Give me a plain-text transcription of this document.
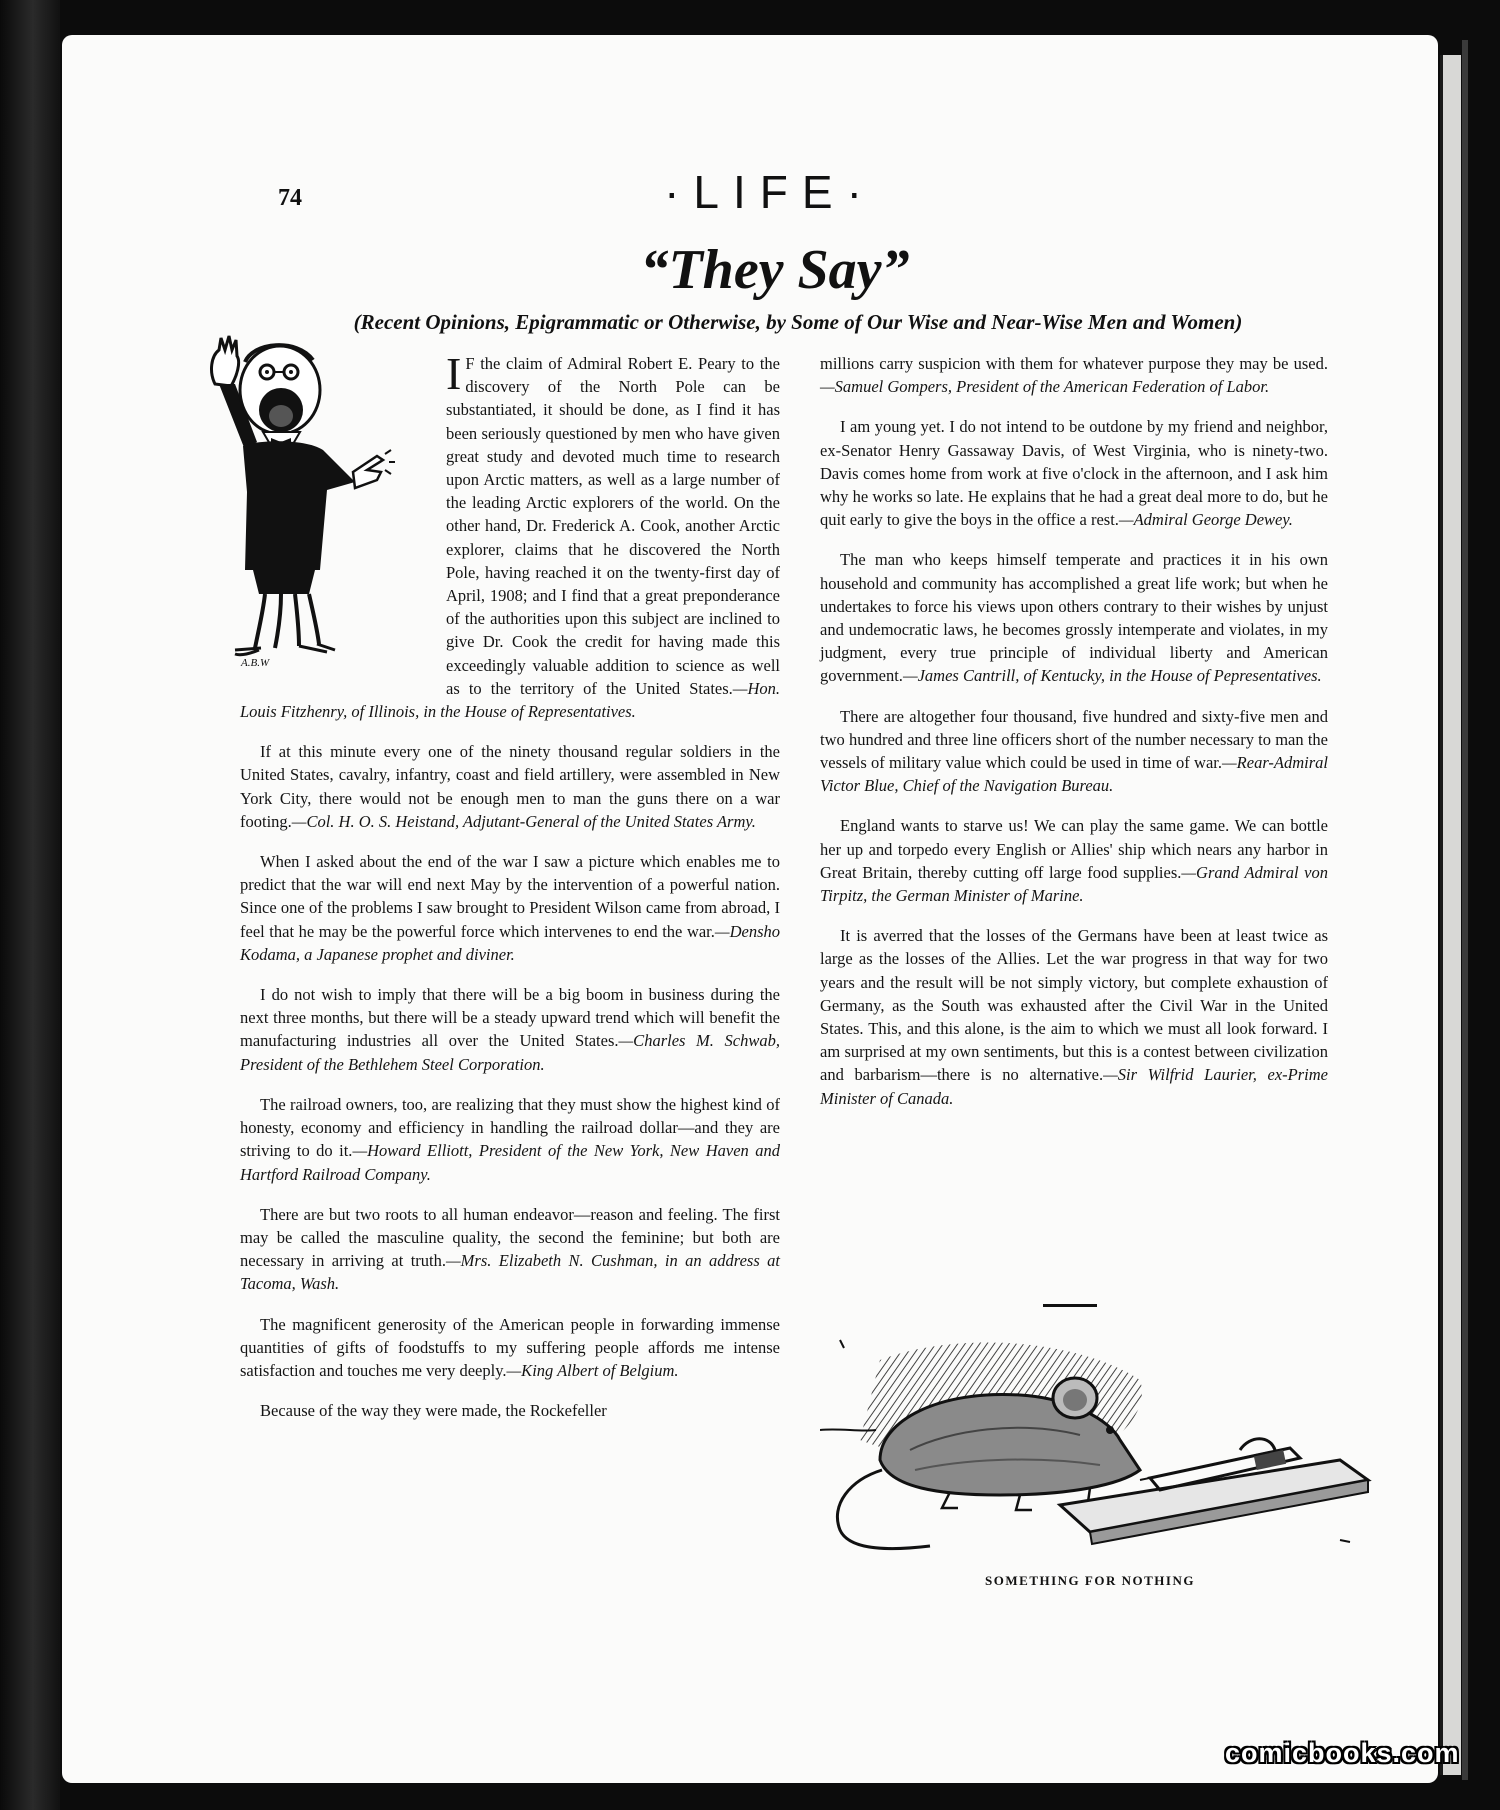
74	·LIFE·
“They Say”
(Recent Opinions, Epigrammatic or Otherwise, by Some of Our Wise and Near-Wise Men and Women)
A.B.W

I F the claim of Admiral Robert E. Peary to the discovery of the North Pole can be substantiated, it should be done, as I find it has been seriously questioned by men who have given great study and devoted much time to research upon Arctic matters, as well as a large number of the leading Arctic explorers of the world. On the other hand, Dr. Frederick A. Cook, another Arctic explorer, claims that he discovered the North Pole, having reached it on the twenty-first day of April, 1908; and I find that a great preponderance of the authorities upon this subject are inclined to give Dr. Cook the credit for having made this exceedingly valuable addition to science as well as to the territory of the United States.—Hon. Louis Fitzhenry, of Illinois, in the House of Representatives.

If at this minute every one of the ninety thousand regular soldiers in the United States, cavalry, infantry, coast and field artillery, were assembled in New York City, there would not be enough men to man the guns there on a war footing.—Col. H. O. S. Heistand, Adjutant-General of the United States Army.

When I asked about the end of the war I saw a picture which enables me to predict that the war will end next May by the intervention of a powerful nation. Since one of the problems I saw brought to President Wilson came from abroad, I feel that he may be the powerful force which intervenes to end the war.—Densho Kodama, a Japanese prophet and diviner.

I do not wish to imply that there will be a big boom in business during the next three months, but there will be a steady upward trend which will benefit the manufacturing industries all over the United States.—Charles M. Schwab, President of the Bethlehem Steel Corporation.

The railroad owners, too, are realizing that they must show the highest kind of honesty, economy and efficiency in handling the railroad dollar—and they are striving to do it.—Howard Elliott, President of the New York, New Haven and Hartford Railroad Company.

There are but two roots to all human endeavor—reason and feeling. The first may be called the masculine quality, the second the feminine; but both are necessary in arriving at truth.—Mrs. Elizabeth N. Cushman, in an address at Tacoma, Wash.

The magnificent generosity of the American people in forwarding immense quantities of gifts of foodstuffs to my suffering people affords me intense satisfaction and touches me very deeply.—King Albert of Belgium.

Because of the way they were made, the Rockefeller

millions carry suspicion with them for whatever purpose they may be used.—Samuel Gompers, President of the American Federation of Labor.

I am young yet. I do not intend to be outdone by my friend and neighbor, ex-Senator Henry Gassaway Davis, of West Virginia, who is ninety-two. Davis comes home from work at five o'clock in the afternoon, and I ask him why he works so late. He explains that he had a great deal more to do, but he quit early to give the boys in the office a rest.—Admiral George Dewey.

The man who keeps himself temperate and practices it in his own household and community has accomplished a great life work; but when he undertakes to force his views upon others contrary to their wishes by unjust and undemocratic laws, he becomes grossly intemperate and violates, in my judgment, every true principle of individual liberty and American government.—James Cantrill, of Kentucky, in the House of Pepresentatives.

There are altogether four thousand, five hundred and sixty-five men and two hundred and three line officers short of the number necessary to man the vessels of military value which could be used in time of war.—Rear-Admiral Victor Blue, Chief of the Navigation Bureau.

England wants to starve us! We can play the same game. We can bottle her up and torpedo every English or Allies' ship which nears any harbor in Great Britain, thereby cutting off large food supplies.—Grand Admiral von Tirpitz, the German Minister of Marine.

It is averred that the losses of the Germans have been at least twice as large as the losses of the Allies. Let the war progress in that way for two years and the result will be not simply victory, but complete exhaustion of Germany, as the South was exhausted after the Civil War in the United States. This, and this alone, is the aim to which we must all look forward. I am surprised at my own sentiments, but this is a contest between civilization and barbarism—there is no alternative.—Sir Wilfrid Laurier, ex-Prime Minister of Canada.

SOMETHING FOR NOTHING
comicbooks.com
